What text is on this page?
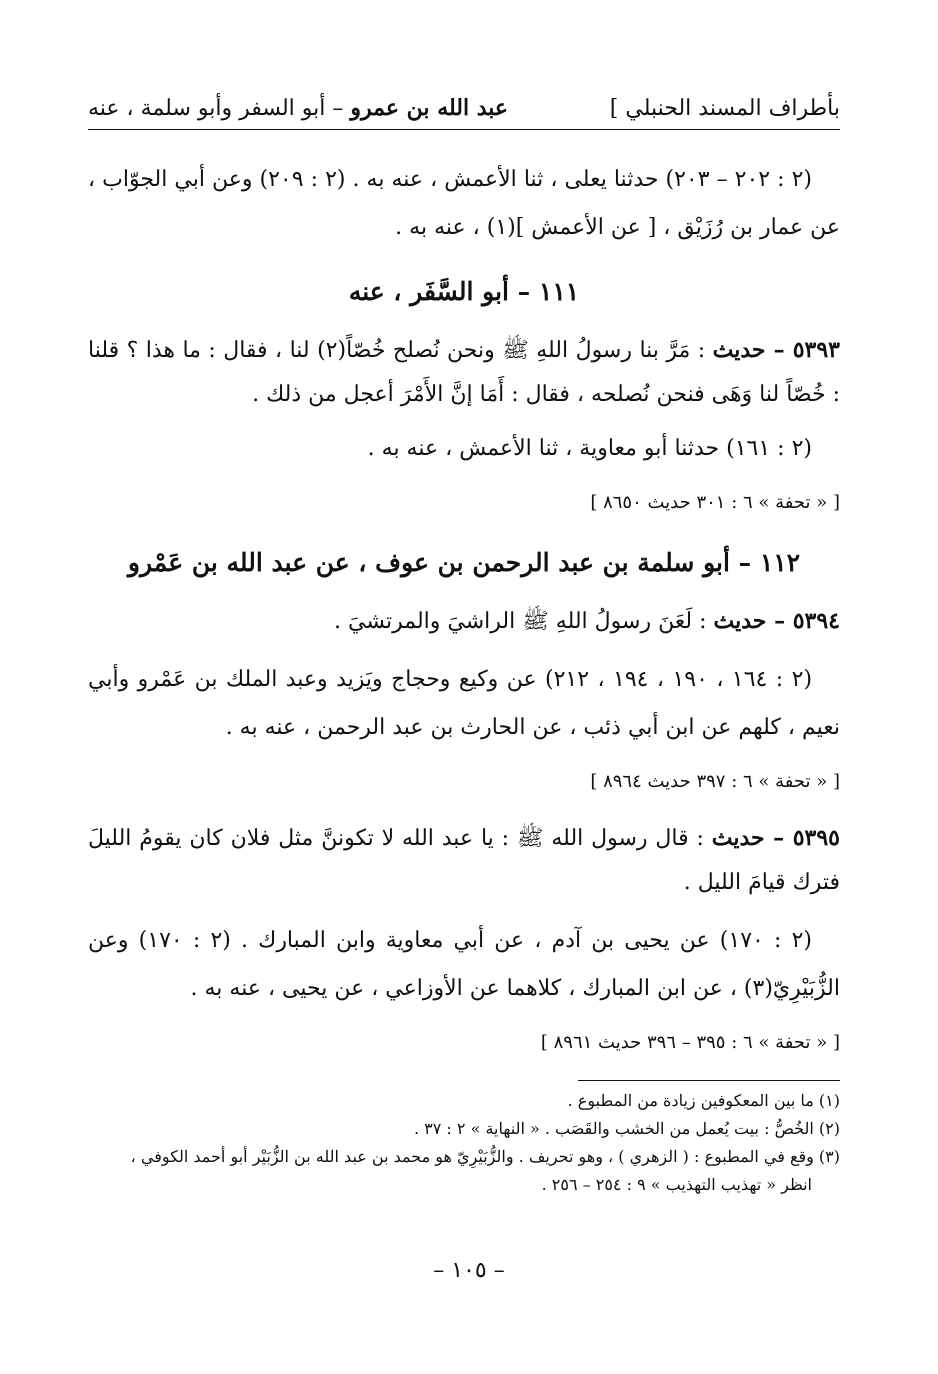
بأطراف المسند الحنبلي ]
عبد الله بن عمرو – أبو السفر وأبو سلمة ، عنه

(٢ : ٢٠٢ – ٢٠٣) حدثنا يعلى ، ثنا الأعمش ، عنه به . (٢ : ٢٠٩) وعن أبي الجوّاب ، عن عمار بن رُزَيْق ، [ عن الأعمش ](١) ، عنه به .

١١١ – أبو السَّفَر ، عنه

٥٣٩٣ – حديث : مَرَّ بنا رسولُ اللهِ ﷺ ونحن نُصلح خُصّاً(٢) لنا ، فقال : ما هذا ؟ قلنا : خُصّاً لنا وَهَى فنحن نُصلحه ، فقال : أَمَا إنَّ الأَمْرَ أعجل من ذلك .

(٢ : ١٦١) حدثنا أبو معاوية ، ثنا الأعمش ، عنه به .

[ « تحفة » ٦ : ٣٠١ حديث ٨٦٥٠ ]
١١٢ – أبو سلمة بن عبد الرحمن بن عوف ، عن عبد الله بن عَمْرو

٥٣٩٤ – حديث : لَعَنَ رسولُ اللهِ ﷺ الراشيَ والمرتشيَ .

(٢ : ١٦٤ ، ١٩٠ ، ١٩٤ ، ٢١٢) عن وكيع وحجاج ويَزيد وعبد الملك بن عَمْرو وأبي نعيم ، كلهم عن ابن أبي ذئب ، عن الحارث بن عبد الرحمن ، عنه به .

[ « تحفة » ٦ : ٣٩٧ حديث ٨٩٦٤ ]

٥٣٩٥ – حديث : قال رسول الله ﷺ : يا عبد الله لا تكوننَّ مثل فلان كان يقومُ الليلَ فترك قيامَ الليل .

(٢ : ١٧٠) عن يحيى بن آدم ، عن أبي معاوية وابن المبارك . (٢ : ١٧٠) وعن الزُّبَيْرِيّ(٣) ، عن ابن المبارك ، كلاهما عن الأوزاعي ، عن يحيى ، عنه به .

[ « تحفة » ٦ : ٣٩٥ – ٣٩٦ حديث ٨٩٦١ ]
(١) ما بين المعكوفين زيادة من المطبوع .
(٢) الخُصُّ : بيت يُعمل من الخشب والقَصَب . « النهاية » ٢ : ٣٧ .
(٣) وقع في المطبوع : ( الزهري ) ، وهو تحريف . والزُّبَيْرِيّ هو محمد بن عبد الله بن الزُّبَيْر أبو أحمد الكوفي ،
انظر « تهذيب التهذيب » ٩ : ٢٥٤ – ٢٥٦ .
– ١٠٥ –
